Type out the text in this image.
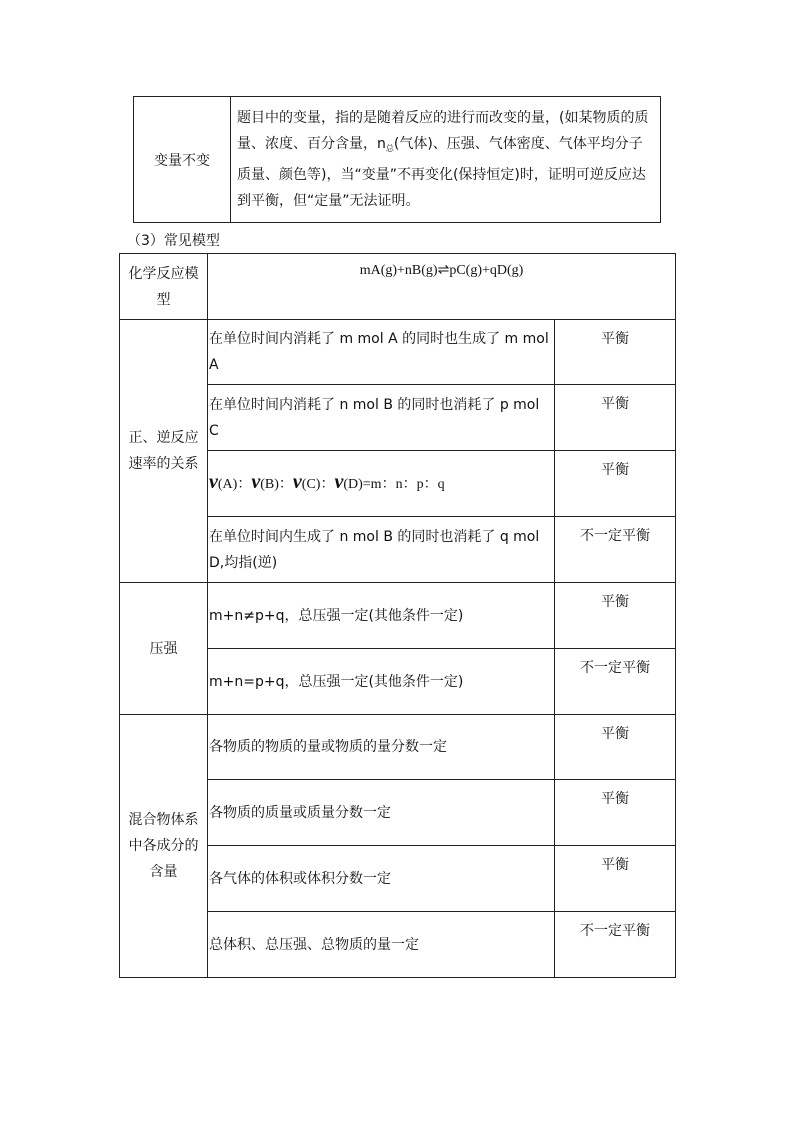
变量不变	题目中的变量，指的是随着反应的进行而改变的量，(如某物质的质量、浓度、百分含量，$n_总$(气体)、压强、气体密度、气体平均分子质量、颜色等)，当“变量”不再变化(保持恒定)时，证明可逆反应达到平衡，但“定量”无法证明。
（3）常见模型
化学反应模型	mA(g)+nB(g)⇌pC(g)+qD(g)	
正、逆反应速率的关系	在单位时间内消耗了 m mol A 的同时也生成了 m mol A	平衡
	在单位时间内消耗了 n mol B 的同时也消耗了 p mol C	平衡
	ν(A)：ν(B)：ν(C)：ν(D)=m：n：p：q	平衡
	在单位时间内生成了 n mol B 的同时也消耗了 q mol D,均指(逆)	不一定平衡
压强	m+n≠p+q，总压强一定(其他条件一定)	平衡
	m+n=p+q，总压强一定(其他条件一定)	不一定平衡
混合物体系中各成分的含量	各物质的物质的量或物质的量分数一定	平衡
	各物质的质量或质量分数一定	平衡
	各气体的体积或体积分数一定	平衡
	总体积、总压强、总物质的量一定	不一定平衡
